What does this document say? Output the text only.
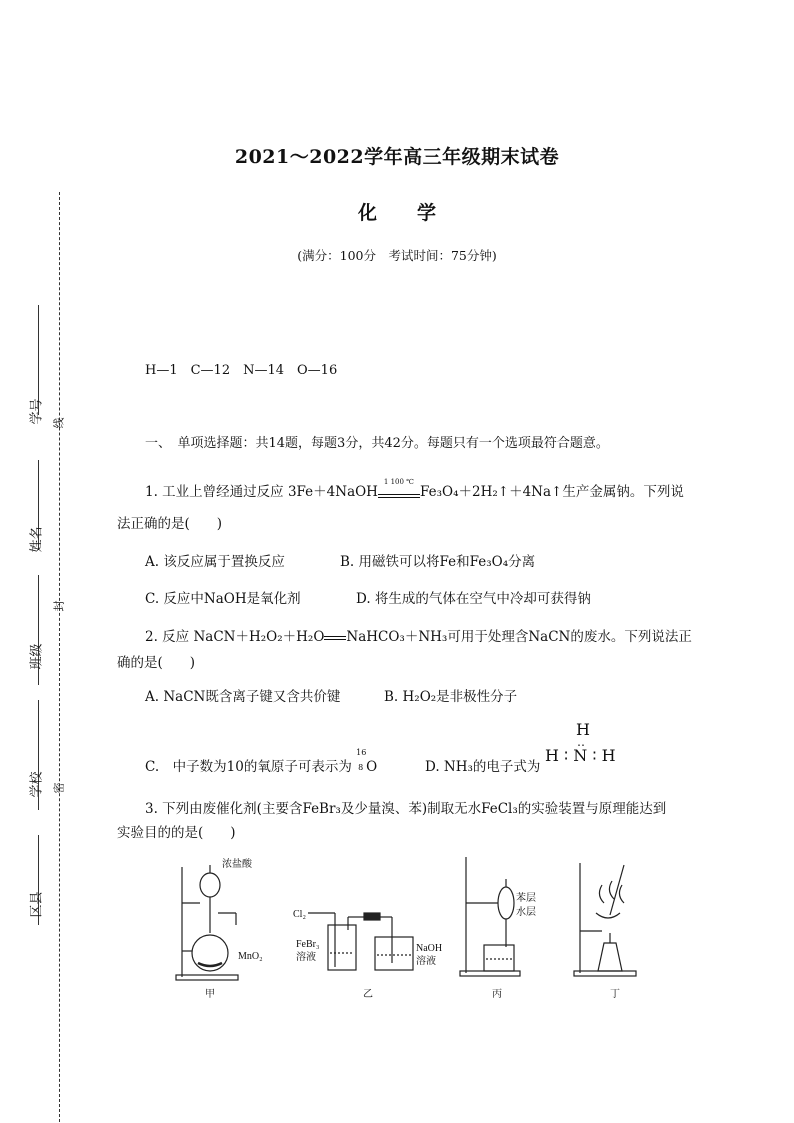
学号
姓名
班级
学校
区县
线
封
密
2021～2022学年高三年级期末试卷
化学
(满分：100分　考试时间：75分钟)
H—1　C—12　N—14　O—16
一、　单项选择题：共14题，每题3分，共42分。每题只有一个选项最符合题意。
1. 工业上曾经通过反应 3Fe＋4NaOH
1 100 ℃
Fe₃O₄＋2H₂↑＋4Na↑生产金属钠。下列说
法正确的是(　　)
A. 该反应属于置换反应	B. 用磁铁可以将Fe和Fe₃O₄分离
C. 反应中NaOH是氧化剂	D. 将生成的气体在空气中冷却可获得钠
2. 反应 NaCN＋H₂O₂＋H₂O NaHCO₃＋NH₃可用于处理含NaCN的废水。下列说法正
确的是(　　)
A. NaCN既含离子键又含共价键	B. H₂O₂是非极性分子
C.　中子数为10的氧原子可表示为
16
8 O	D. NH₃的电子式为
H
‥
H ∶ N ∶ H
3. 下列由废催化剂(主要含FeBr₃及少量溴、苯)制取无水FeCl₃的实验装置与原理能达到
实验目的的是(　　)
浓盐酸
MnO₂
Cl₂
FeBr₃
溶液
NaOH
溶液
苯层
水层
甲	乙	丙	丁
